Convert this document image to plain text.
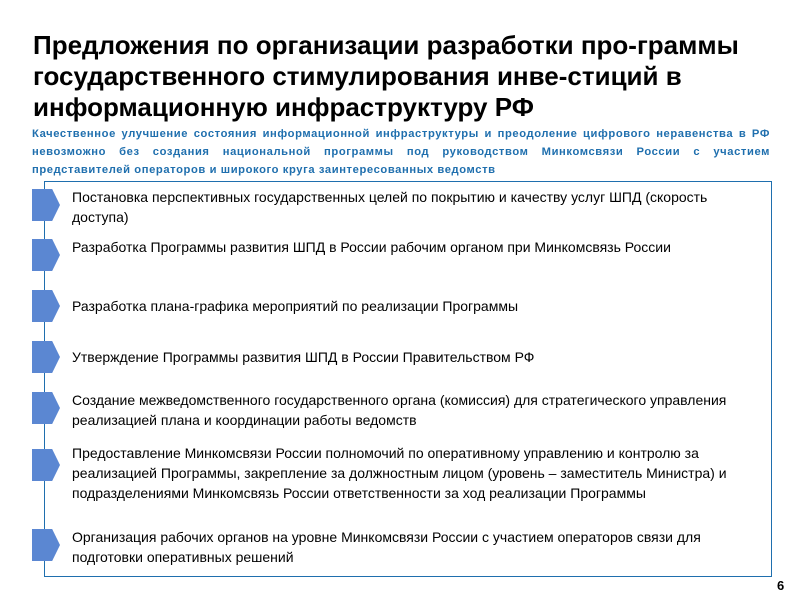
Предложения по организации разработки про-граммы государственного стимулирования инве-стиций в информационную инфраструктуру РФ
Качественное улучшение состояния информационной инфраструктуры и преодоление цифрового неравенства в РФ невозможно без создания национальной программы под руководством Минкомсвязи России с участием представителей операторов и широкого круга заинтересованных ведомств
Постановка перспективных государственных целей по покрытию и качеству услуг ШПД (скорость доступа)
Разработка Программы развития ШПД в России рабочим органом при Минкомсвязь России
Разработка плана-графика мероприятий по реализации Программы
Утверждение Программы развития ШПД в России Правительством РФ
Создание межведомственного государственного органа (комиссия) для стратегического управления реализацией плана и координации работы ведомств
Предоставление Минкомсвязи России полномочий по оперативному управлению и контролю за реализацией Программы, закрепление за должностным лицом (уровень – заместитель Министра) и подразделениями Минкомсвязь России ответственности за ход реализации Программы
Организация рабочих органов на уровне Минкомсвязи России с участием операторов связи для подготовки оперативных решений
6
